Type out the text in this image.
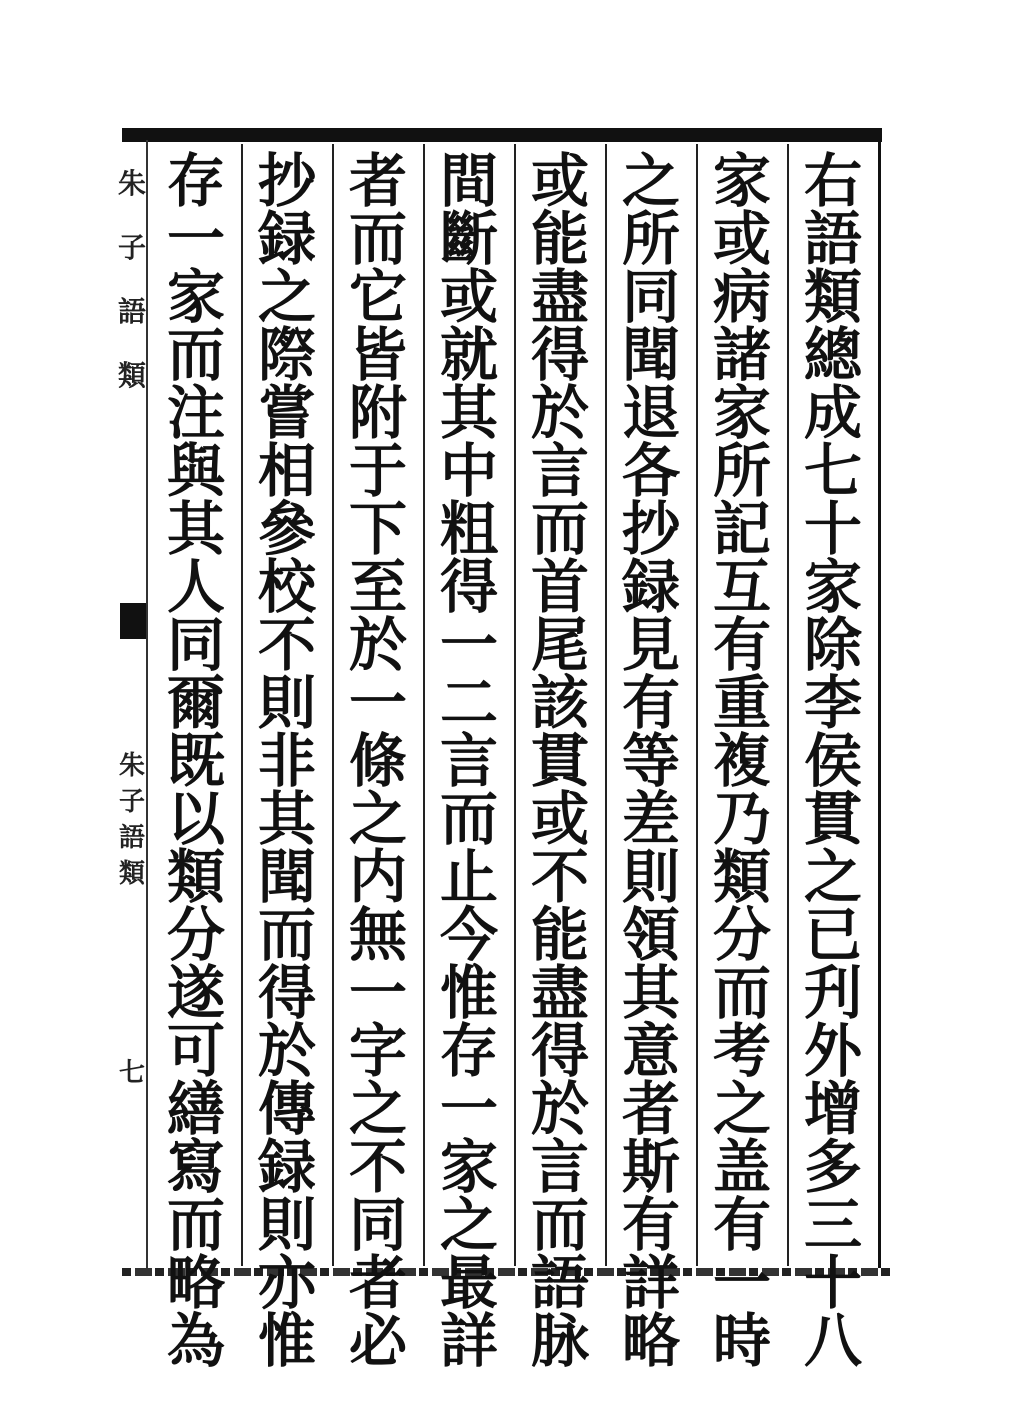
朱子語類
朱子語類
七
右
語
類
總
成
七
十
家
除
李
侯
貫
之
已
刋
外
增
多
三
十
八
家
或
病
諸
家
所
記
互
有
重
複
乃
類
分
而
考
之
盖
有
一
時
之
所
同
聞
退
各
抄
録
見
有
等
差
則
領
其
意
者
斯
有
詳
略
或
能
盡
得
於
言
而
首
尾
該
貫
或
不
能
盡
得
於
言
而
語
脉
間
斷
或
就
其
中
粗
得
一
二
言
而
止
今
惟
存
一
家
之
最
詳
者
而
它
皆
附
于
下
至
於
一
條
之
内
無
一
字
之
不
同
者
必
抄
録
之
際
嘗
相
參
校
不
則
非
其
聞
而
得
於
傳
録
則
亦
惟
存
一
家
而
注
與
其
人
同
爾
既
以
類
分
遂
可
繕
寫
而
略
為
